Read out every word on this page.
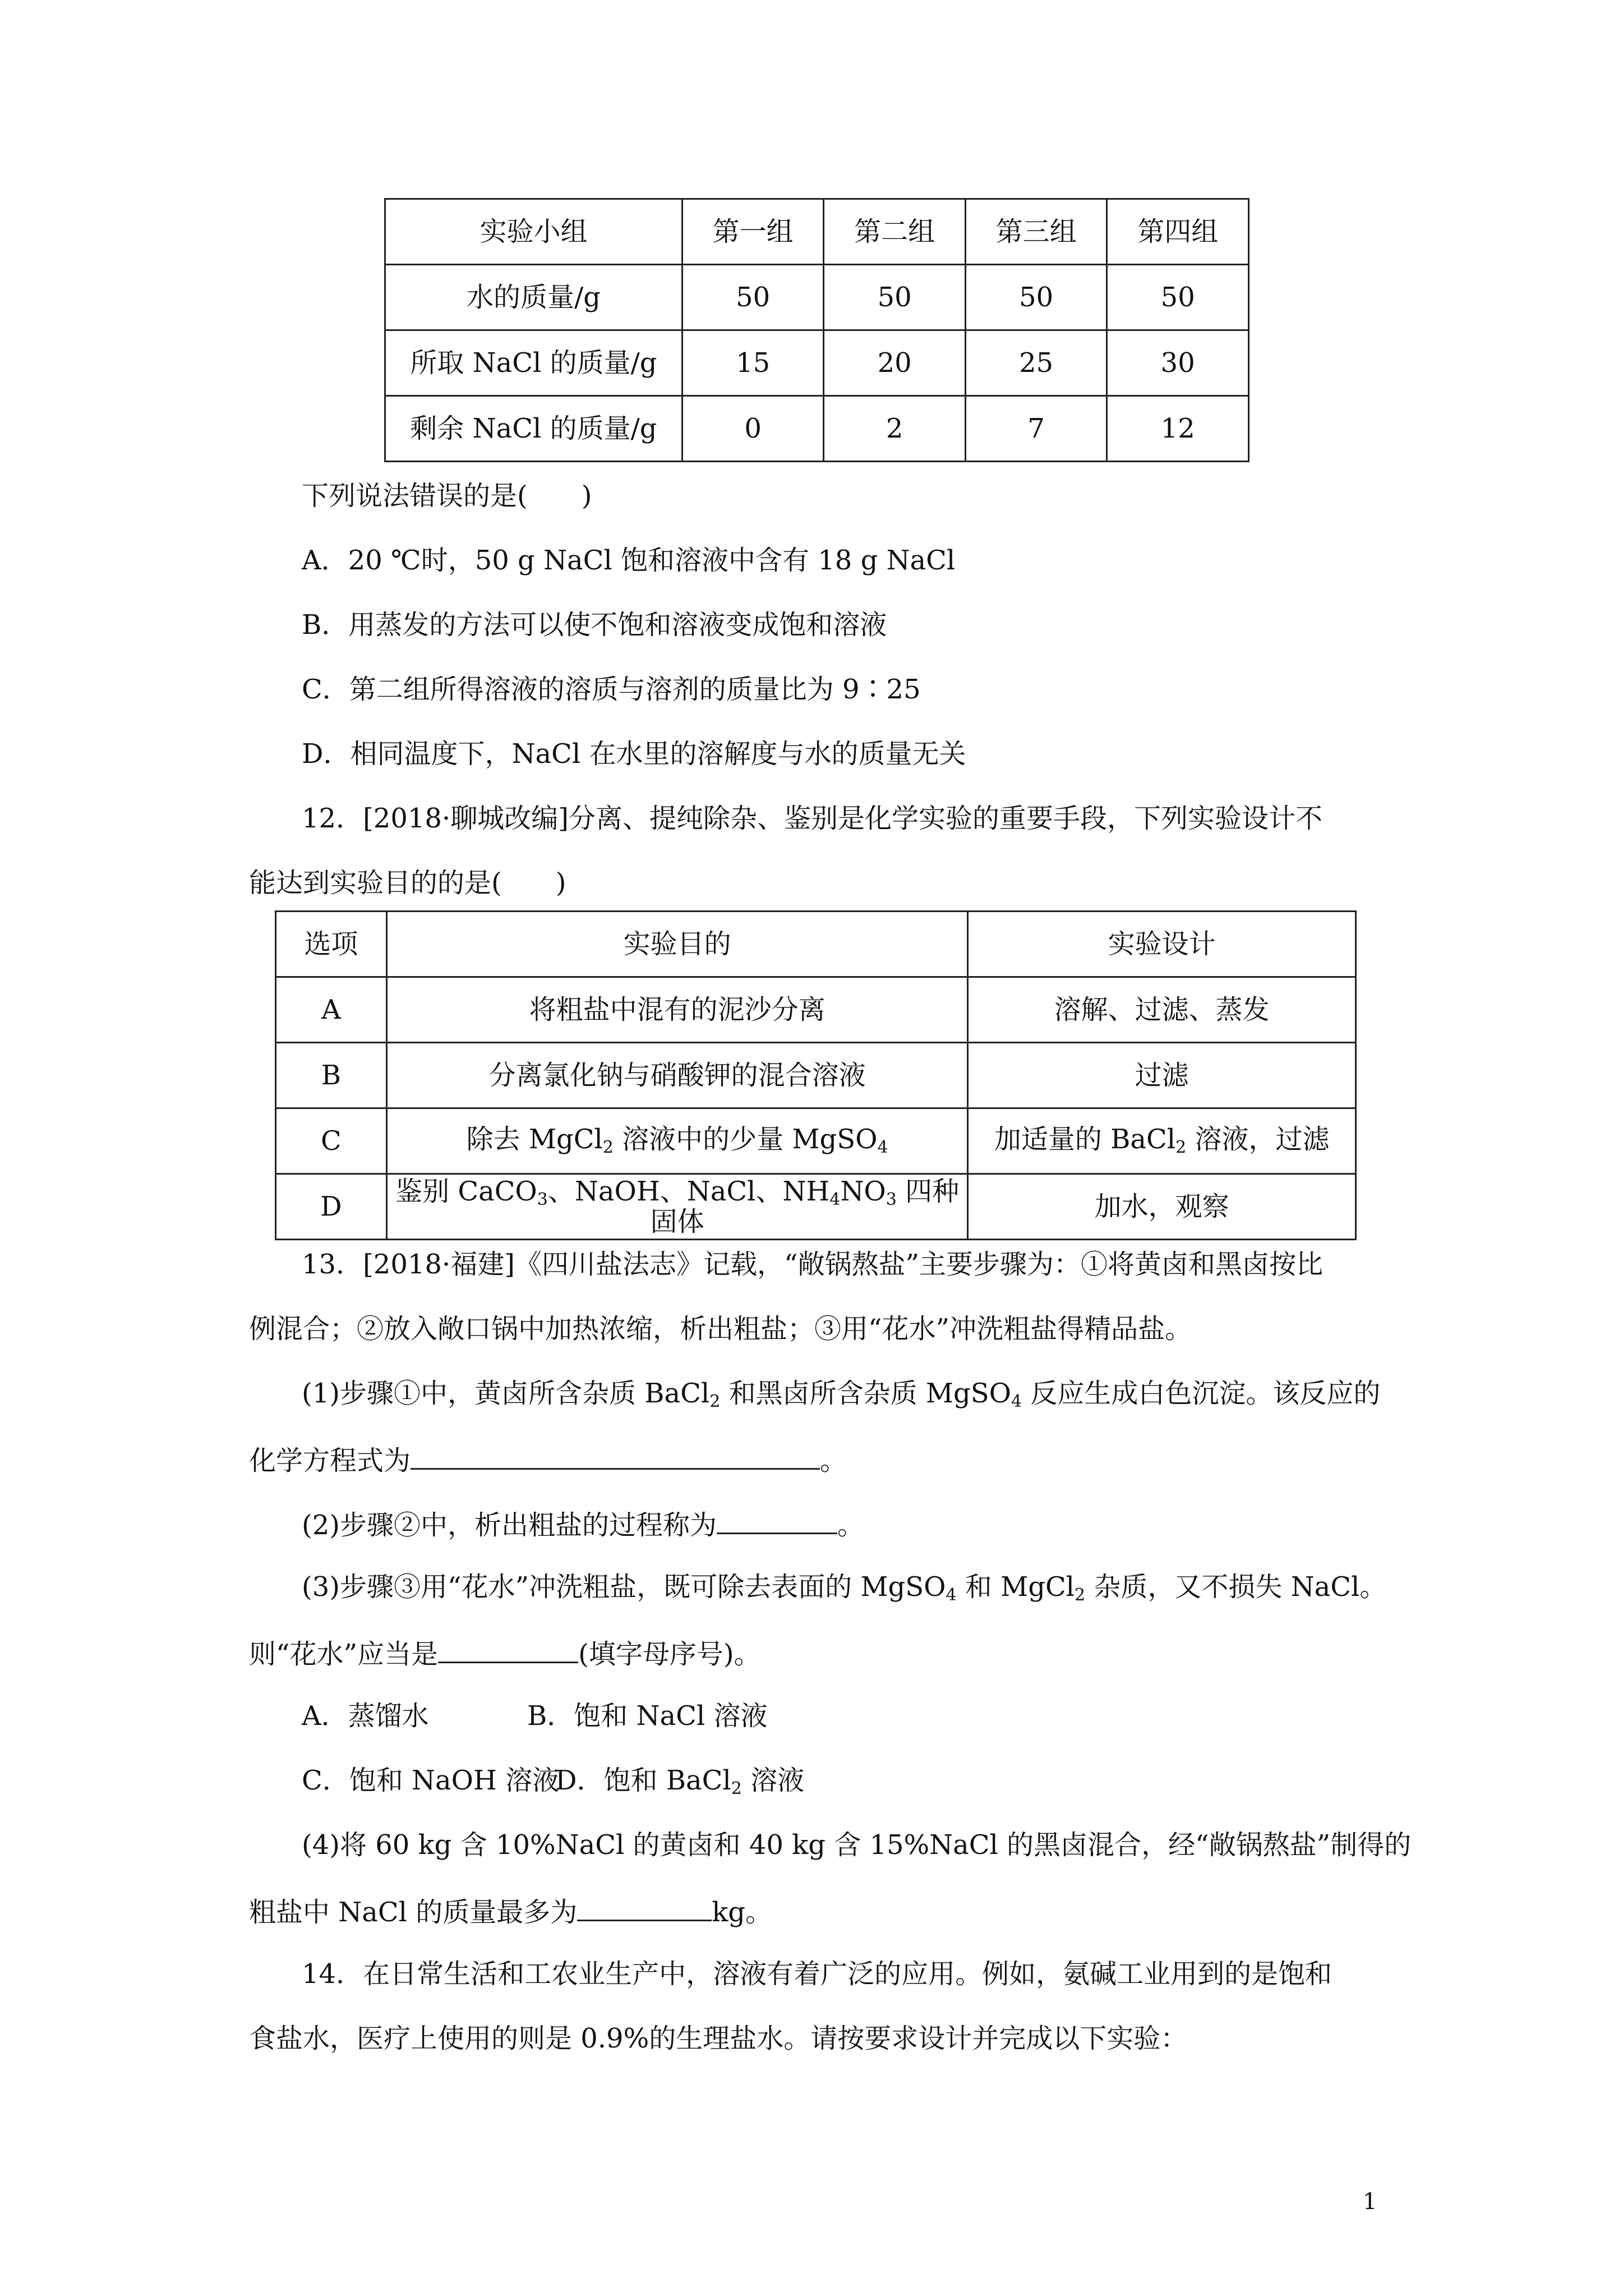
实验小组	第一组	第二组	第三组	第四组
水的质量/g	50	50	50	50
所取 NaCl 的质量/g	15	20	25	30
剩余 NaCl 的质量/g	0	2	7	12
下列说法错误的是(　　)
A．20 ℃时，50 g NaCl 饱和溶液中含有 18 g NaCl
B．用蒸发的方法可以使不饱和溶液变成饱和溶液
C．第二组所得溶液的溶质与溶剂的质量比为 9∶25
D．相同温度下，NaCl 在水里的溶解度与水的质量无关
12．[2018·聊城改编]分离、提纯除杂、鉴别是化学实验的重要手段，下列实验设计不
能达到实验目的的是(　　)
选项	实验目的	实验设计
A	将粗盐中混有的泥沙分离	溶解、过滤、蒸发
B	分离氯化钠与硝酸钾的混合溶液	过滤
C	除去 MgCl$_2$ 溶液中的少量 MgSO$_4$	加适量的 BaCl$_2$ 溶液，过滤
D	鉴别 CaCO$_3$、NaOH、NaCl、$NH_4NO_3$ 四种固体	加水，观察
13．[2018·福建]《四川盐法志》记载，“敞锅熬盐”主要步骤为：①将黄卤和黑卤按比
例混合；②放入敞口锅中加热浓缩，析出粗盐；③用“花水”冲洗粗盐得精品盐。
(1)步骤①中，黄卤所含杂质 BaCl$_2$ 和黑卤所含杂质 MgSO$_4$ 反应生成白色沉淀。该反应的
化学方程式为	。
(2)步骤②中，析出粗盐的过程称为	。
(3)步骤③用“花水”冲洗粗盐，既可除去表面的 MgSO$_4$ 和 MgCl$_2$ 杂质，又不损失 NaCl。
则“花水”应当是	(填字母序号)。
A．蒸馏水	B．饱和 NaCl 溶液
C．饱和 NaOH 溶液
D．饱和 BaCl$_2$ 溶液
(4)将 60 kg 含 10%NaCl 的黄卤和 40 kg 含 15%NaCl 的黑卤混合，经“敞锅熬盐”制得的
粗盐中 NaCl 的质量最多为	kg。
14．在日常生活和工农业生产中，溶液有着广泛的应用。例如，氨碱工业用到的是饱和
食盐水，医疗上使用的则是 0.9%的生理盐水。请按要求设计并完成以下实验：
1
